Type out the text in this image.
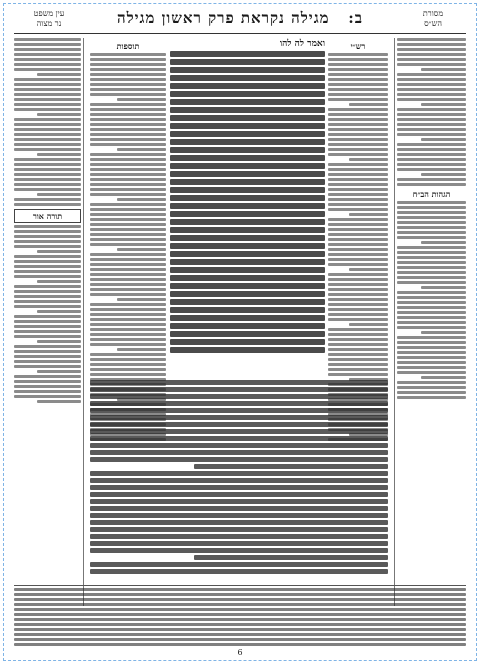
מסורת
הש״ס
ב:   מגילה נקראת פרק ראשון מגילה
עין משפט
נר מצוה
הגהות הב״ח
תורה אור
רש״י
תוספות	ואמר לה להו
6
